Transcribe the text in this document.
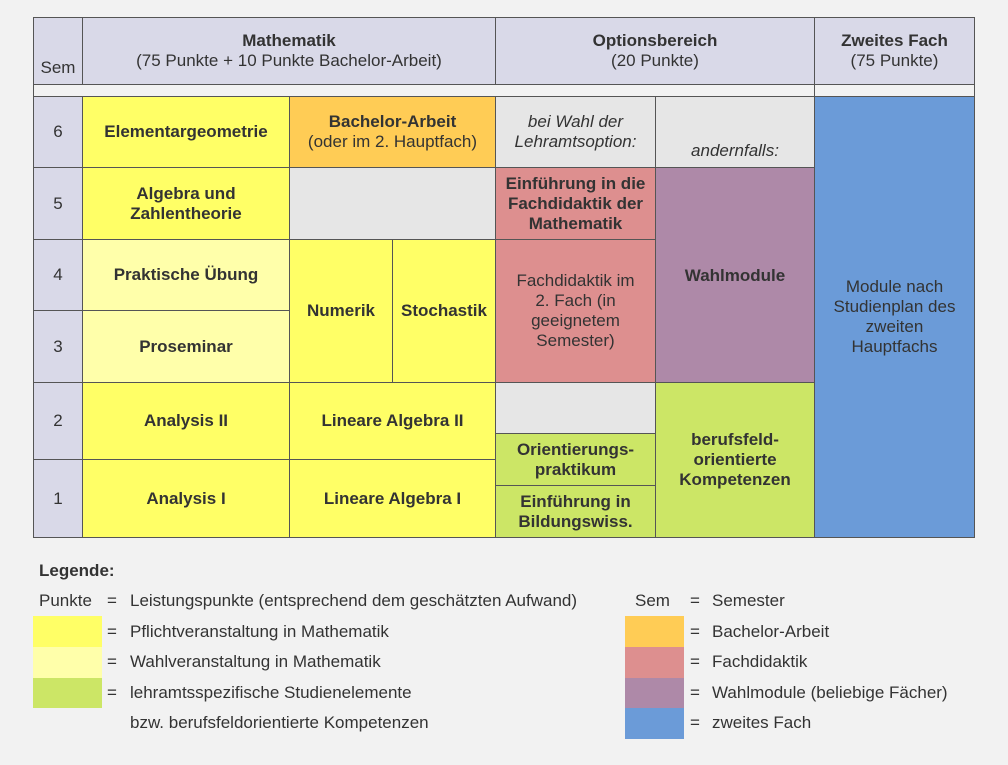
Sem
Mathematik
(75 Punkte + 10 Punkte Bachelor-Arbeit)
Optionsbereich
(20 Punkte)
Zweites Fach
(75 Punkte)
6
5
4
3
2
1
Elementargeometrie
Algebra und Zahlentheorie
Praktische Übung
Proseminar
Analysis II
Analysis I
Bachelor-Arbeit
(oder im 2. Hauptfach)
Numerik Stochastik
Lineare Algebra II
Lineare Algebra I
bei Wahl der Lehramtsoption:
Einführung in die Fachdidaktik der Mathematik
Fachdidaktik im 2. Fach (in geeignetem Semester)
Orientierungs-praktikum
Einführung in Bildungswiss.
andernfalls:
Wahlmodule
berufsfeld-orientierte Kompetenzen
Module nach Studienplan des zweiten Hauptfachs
Legende:
Punkte = Leistungspunkte (entsprechend dem geschätzten Aufwand)
= Pflichtveranstaltung in Mathematik
= Wahlveranstaltung in Mathematik
= lehramtsspezifische Studienelemente
bzw. berufsfeldorientierte Kompetenzen
Sem = Semester
= Bachelor-Arbeit
= Fachdidaktik
= Wahlmodule (beliebige Fächer)
= zweites Fach
